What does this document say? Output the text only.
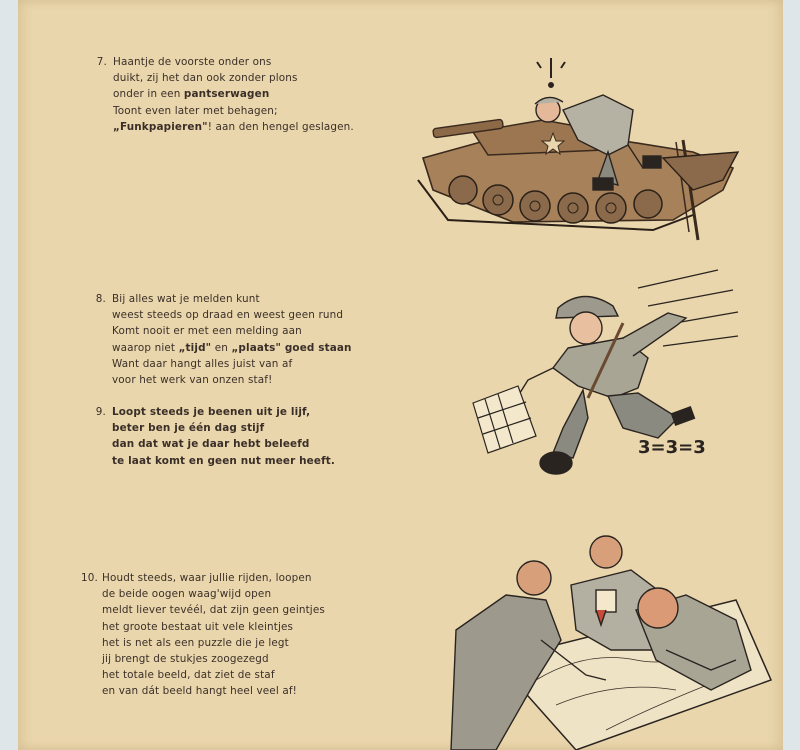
7. Haantje de voorste onder ons
duikt, zij het dan ook zonder plons
onder in een pantserwagen
Toont even later met behagen;
„Funkpapieren"! aan den hengel geslagen.
8. Bij alles wat je melden kunt
weest steeds op draad en weest geen rund
Komt nooit er met een melding aan
waarop niet „tijd" en „plaats" goed staan
Want daar hangt alles juist van af
voor het werk van onzen staf!
9. Loopt steeds je beenen uit je lijf,
beter ben je één dag stijf
dan dat wat je daar hebt beleefd
te laat komt en geen nut meer heeft.
10. Houdt steeds, waar jullie rijden, loopen
de beide oogen waag'wijd open
meldt liever tevéél, dat zijn geen geintjes
het groote bestaat uit vele kleintjes
het is net als een puzzle die je legt
jij brengt de stukjes zoogezegd
het totale beeld, dat ziet de staf
en van dát beeld hangt heel veel af!
3=3=3
